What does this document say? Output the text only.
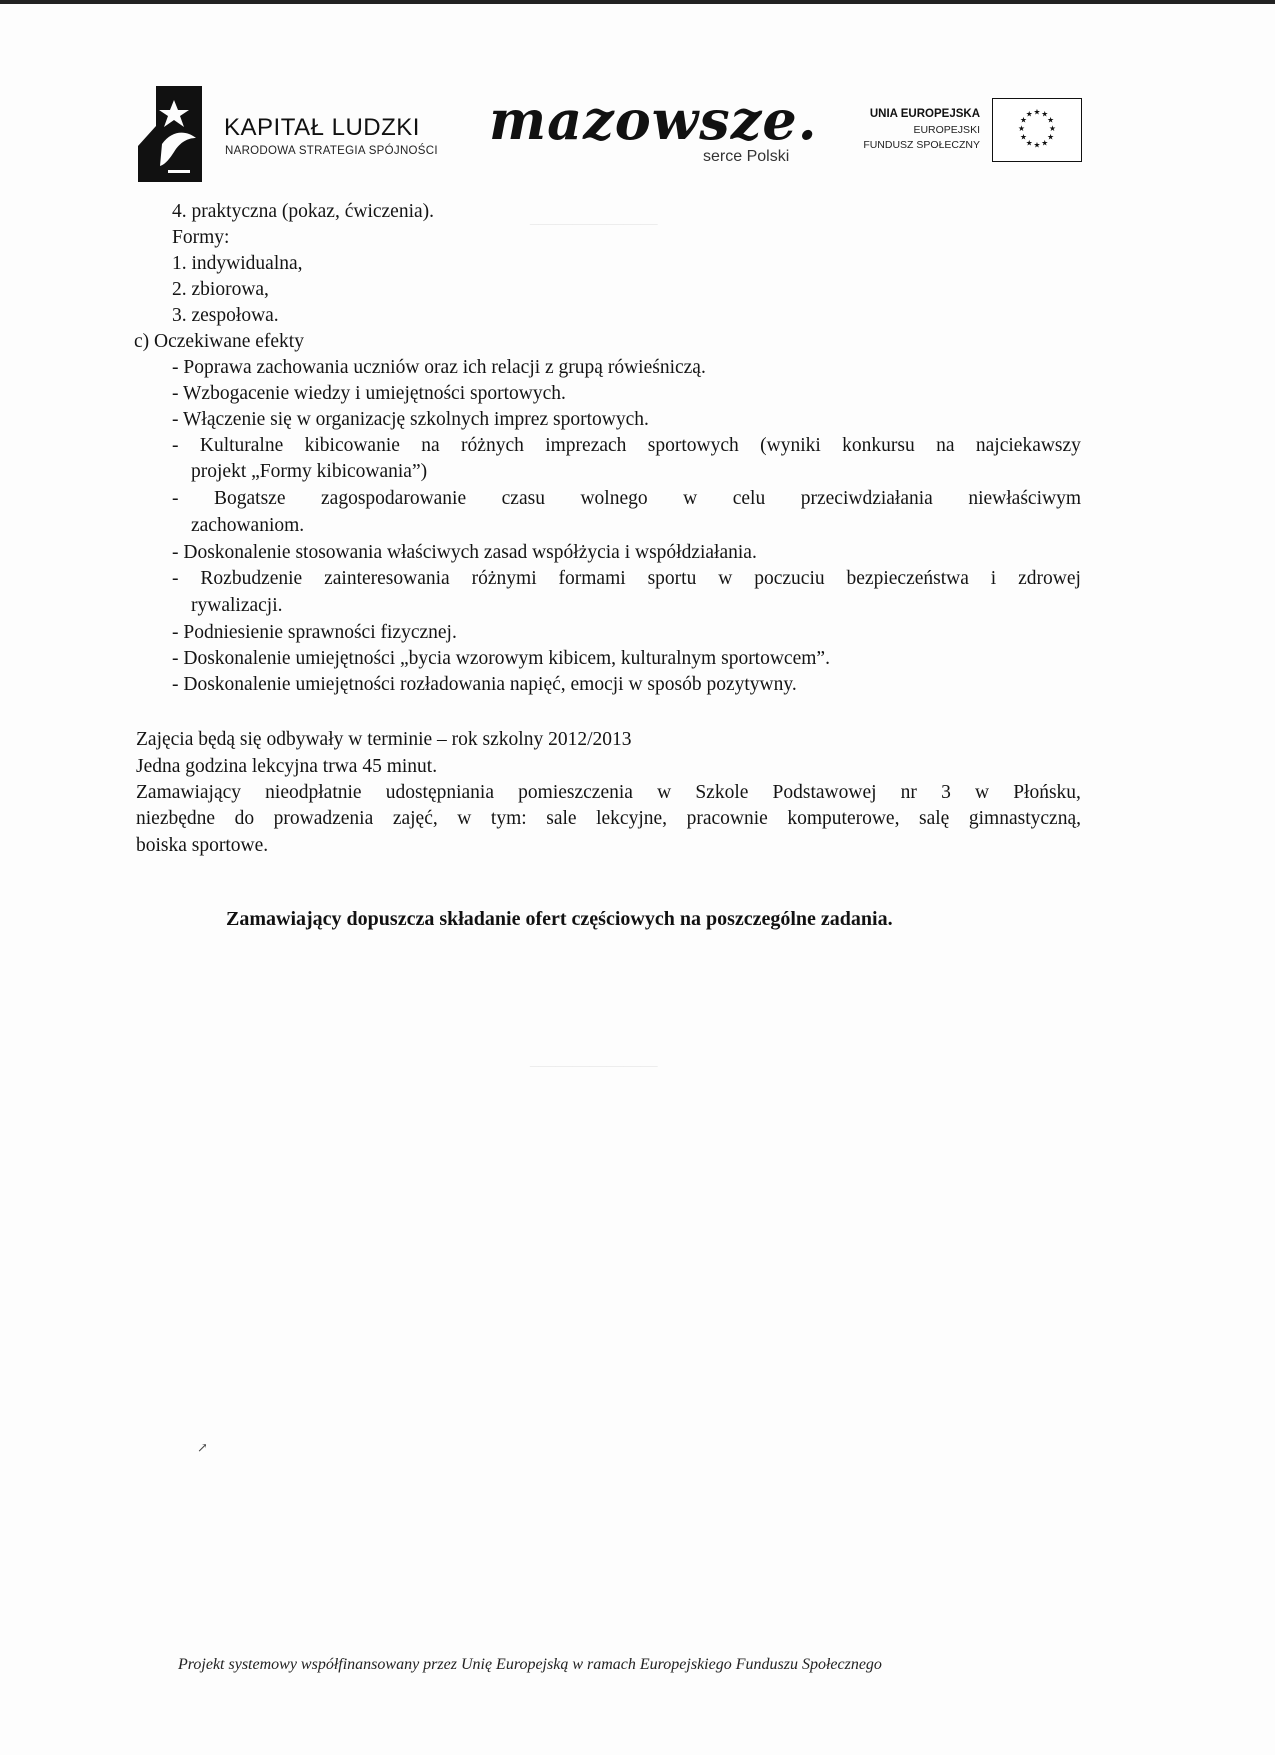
_______________
_______________
KAPITAŁ LUDZKI
NARODOWA STRATEGIA SPÓJNOŚCI mazowsze.
serce Polski
UNIA EUROPEJSKA
EUROPEJSKI
FUNDUSZ SPOŁECZNY
★ ★
★
★
★
★
★
★
★
★
★
★
4. praktyczna (pokaz, ćwiczenia).
Formy:
1. indywidualna,
2. zbiorowa,
3. zespołowa.
c) Oczekiwane efekty
- Poprawa zachowania uczniów oraz ich relacji z grupą rówieśniczą.
- Wzbogacenie wiedzy i umiejętności sportowych.
- Włączenie się w organizację szkolnych imprez sportowych.
- Kulturalne kibicowanie na różnych imprezach sportowych (wyniki konkursu na najciekawszy
projekt „Formy kibicowania”)
- Bogatsze zagospodarowanie czasu wolnego w celu przeciwdziałania niewłaściwym
zachowaniom.
- Doskonalenie stosowania właściwych zasad współżycia i współdziałania.
- Rozbudzenie zainteresowania różnymi formami sportu w poczuciu bezpieczeństwa i zdrowej
rywalizacji.
- Podniesienie sprawności fizycznej.
- Doskonalenie umiejętności „bycia wzorowym kibicem, kulturalnym sportowcem”.
- Doskonalenie umiejętności rozładowania napięć, emocji w sposób pozytywny.
Zajęcia będą się odbywały w terminie – rok szkolny 2012/2013
Jedna godzina lekcyjna trwa 45 minut.
Zamawiający nieodpłatnie udostępniania pomieszczenia w Szkole Podstawowej nr 3 w Płońsku,
niezbędne do prowadzenia zajęć, w tym: sale lekcyjne, pracownie komputerowe, salę gimnastyczną,
boiska sportowe.
Zamawiający dopuszcza składanie ofert częściowych na poszczególne zadania.
↗
Projekt systemowy współfinansowany przez Unię Europejską w ramach Europejskiego Funduszu Społecznego
